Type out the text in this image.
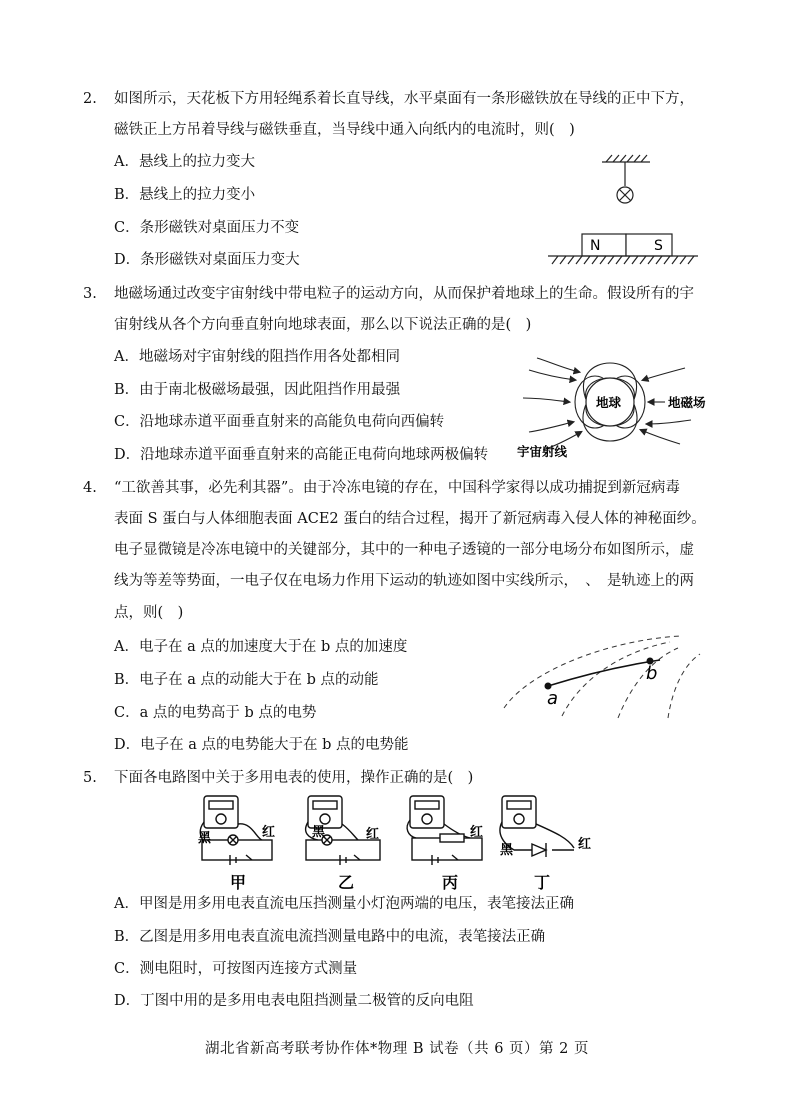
2. 如图所示，天花板下方用轻绳系着长直导线，水平桌面有一条形磁铁放在导线的正中下方，
磁铁正上方吊着导线与磁铁垂直，当导线中通入向纸内的电流时，则(　)
A．悬线上的拉力变大
B．悬线上的拉力变小
C．条形磁铁对桌面压力不变
D．条形磁铁对桌面压力变大
N	S
3. 地磁场通过改变宇宙射线中带电粒子的运动方向，从而保护着地球上的生命。假设所有的宇
宙射线从各个方向垂直射向地球表面，那么以下说法正确的是(　)
A．地磁场对宇宙射线的阻挡作用各处都相同
B．由于南北极磁场最强，因此阻挡作用最强
C．沿地球赤道平面垂直射来的高能负电荷向西偏转
D．沿地球赤道平面垂直射来的高能正电荷向地球两极偏转
地球	地磁场
宇宙射线
4. “工欲善其事，必先利其器”。由于冷冻电镜的存在，中国科学家得以成功捕捉到新冠病毒
表面 S 蛋白与人体细胞表面 ACE2 蛋白的结合过程，揭开了新冠病毒入侵人体的神秘面纱。
电子显微镜是冷冻电镜中的关键部分，其中的一种电子透镜的一部分电场分布如图所示，虚
线为等差等势面，一电子仅在电场力作用下运动的轨迹如图中实线所示，　、　是轨迹上的两
点，则(　)
A．电子在 a 点的加速度大于在 b 点的加速度
B．电子在 a 点的动能大于在 b 点的动能
C．a 点的电势高于 b 点的电势
D．电子在 a 点的电势能大于在 b 点的电势能
a
b
5. 下面各电路图中关于多用电表的使用，操作正确的是(　)
黑	红
甲
黑	红
乙
红
丙
黑	红
丁
A．甲图是用多用电表直流电压挡测量小灯泡两端的电压，表笔接法正确
B．乙图是用多用电表直流电流挡测量电路中的电流，表笔接法正确
C．测电阻时，可按图丙连接方式测量
D．丁图中用的是多用电表电阻挡测量二极管的反向电阻
湖北省新高考联考协作体*物理 B 试卷（共 6 页）第 2 页
